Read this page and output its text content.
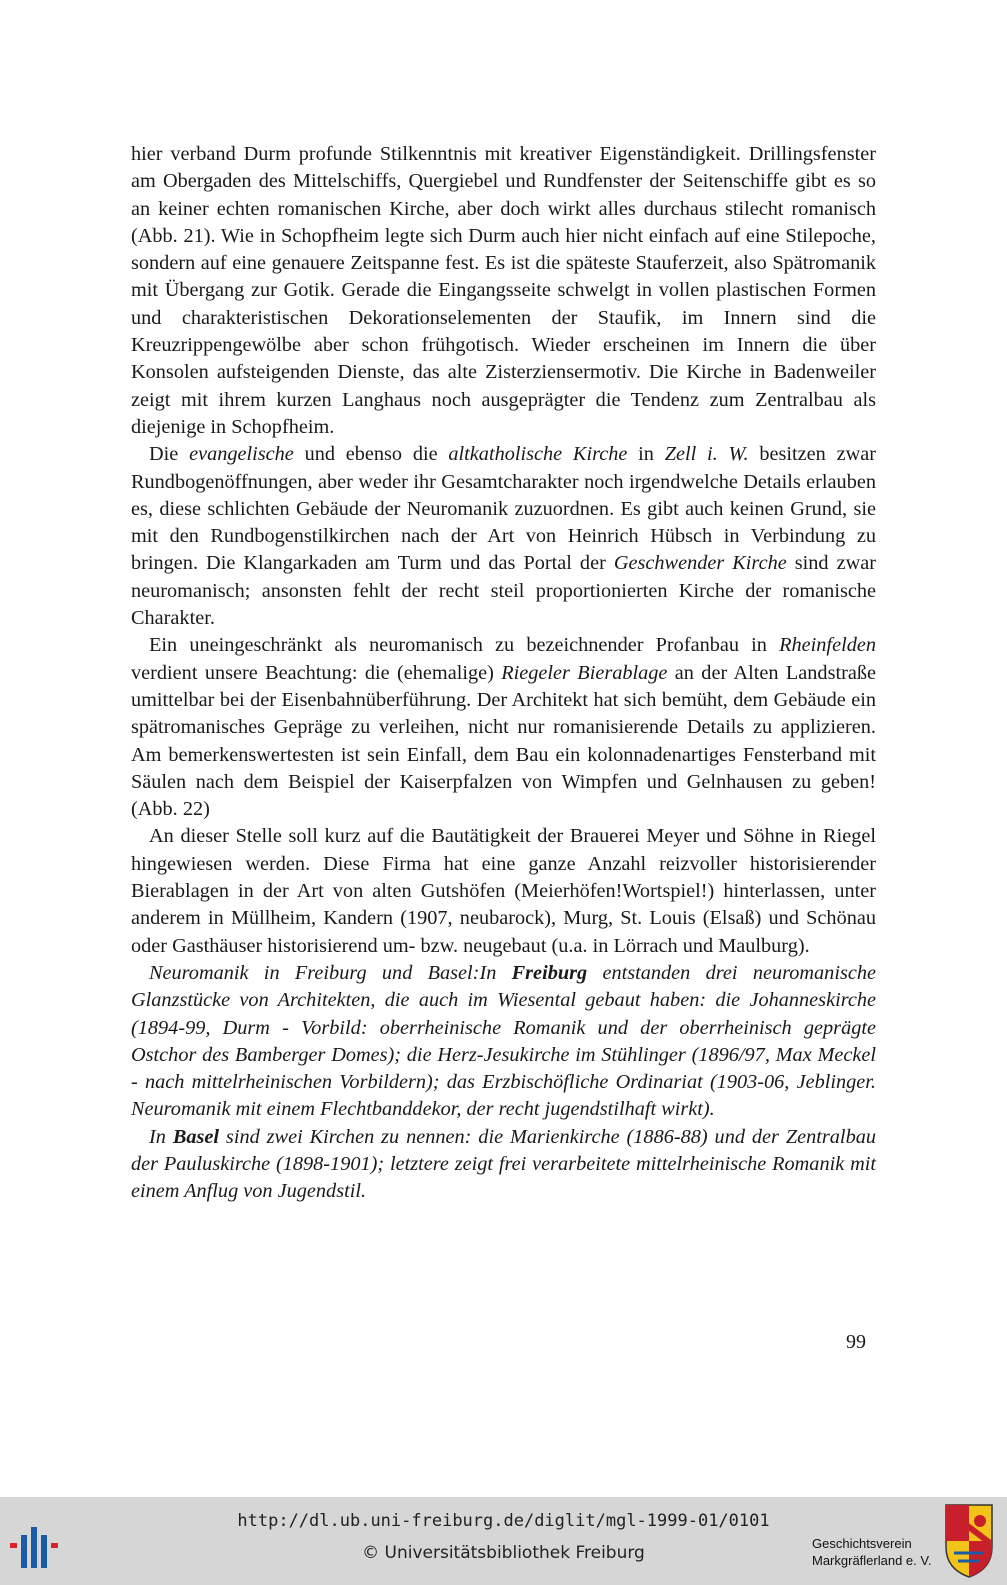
hier verband Durm profunde Stilkenntnis mit kreativer Eigenständigkeit. Drillingsfenster am Obergaden des Mittelschiffs, Quergiebel und Rundfenster der Seitenschiffe gibt es so an keiner echten romanischen Kirche, aber doch wirkt alles durchaus stilecht romanisch (Abb. 21). Wie in Schopfheim legte sich Durm auch hier nicht einfach auf eine Stilepoche, sondern auf eine genauere Zeitspanne fest. Es ist die späteste Stauferzeit, also Spätromanik mit Übergang zur Gotik. Gerade die Eingangsseite schwelgt in vollen plastischen Formen und charakteristischen Dekorationselementen der Staufik, im Innern sind die Kreuzrippengewölbe aber schon frühgotisch. Wieder erscheinen im Innern die über Konsolen aufsteigenden Dienste, das alte Zisterziensermotiv. Die Kirche in Badenweiler zeigt mit ihrem kurzen Langhaus noch ausgeprägter die Tendenz zum Zentralbau als diejenige in Schopfheim.

Die evangelische und ebenso die altkatholische Kirche in Zell i. W. besitzen zwar Rundbogenöffnungen, aber weder ihr Gesamtcharakter noch irgendwelche Details erlauben es, diese schlichten Gebäude der Neuromanik zuzuordnen. Es gibt auch keinen Grund, sie mit den Rundbogenstilkirchen nach der Art von Heinrich Hübsch in Verbindung zu bringen. Die Klangarkaden am Turm und das Portal der Geschwender Kirche sind zwar neuromanisch; ansonsten fehlt der recht steil proportionierten Kirche der romanische Charakter.

Ein uneingeschränkt als neuromanisch zu bezeichnender Profanbau in Rheinfelden verdient unsere Beachtung: die (ehemalige) Riegeler Bierablage an der Alten Landstraße umittelbar bei der Eisenbahnüberführung. Der Architekt hat sich bemüht, dem Gebäude ein spätromanisches Gepräge zu verleihen, nicht nur romanisierende Details zu applizieren. Am bemerkenswertesten ist sein Einfall, dem Bau ein kolonnadenartiges Fensterband mit Säulen nach dem Beispiel der Kaiserpfalzen von Wimpfen und Gelnhausen zu geben! (Abb. 22)

An dieser Stelle soll kurz auf die Bautätigkeit der Brauerei Meyer und Söhne in Riegel hingewiesen werden. Diese Firma hat eine ganze Anzahl reizvoller historisierender Bierablagen in der Art von alten Gutshöfen (Meierhöfen!Wortspiel!) hinterlassen, unter anderem in Müllheim, Kandern (1907, neubarock), Murg, St. Louis (Elsaß) und Schönau oder Gasthäuser historisierend um- bzw. neugebaut (u.a. in Lörrach und Maulburg).

Neuromanik in Freiburg und Basel:In Freiburg entstanden drei neuromanische Glanzstücke von Architekten, die auch im Wiesental gebaut haben: die Johanneskirche (1894-99, Durm - Vorbild: oberrheinische Romanik und der oberrheinisch geprägte Ostchor des Bamberger Domes); die Herz-Jesukirche im Stühlinger (1896/97, Max Meckel - nach mittelrheinischen Vorbildern); das Erzbischöfliche Ordinariat (1903-06, Jeblinger. Neuromanik mit einem Flechtbanddekor, der recht jugendstilhaft wirkt).

In Basel sind zwei Kirchen zu nennen: die Marienkirche (1886-88) und der Zentralbau der Pauluskirche (1898-1901); letztere zeigt frei verarbeitete mittelrheinische Romanik mit einem Anflug von Jugendstil.

99
http://dl.ub.uni-freiburg.de/diglit/mgl-1999-01/0101
© Universitätsbibliothek Freiburg	Geschichtsverein
Markgräflerland e. V.
